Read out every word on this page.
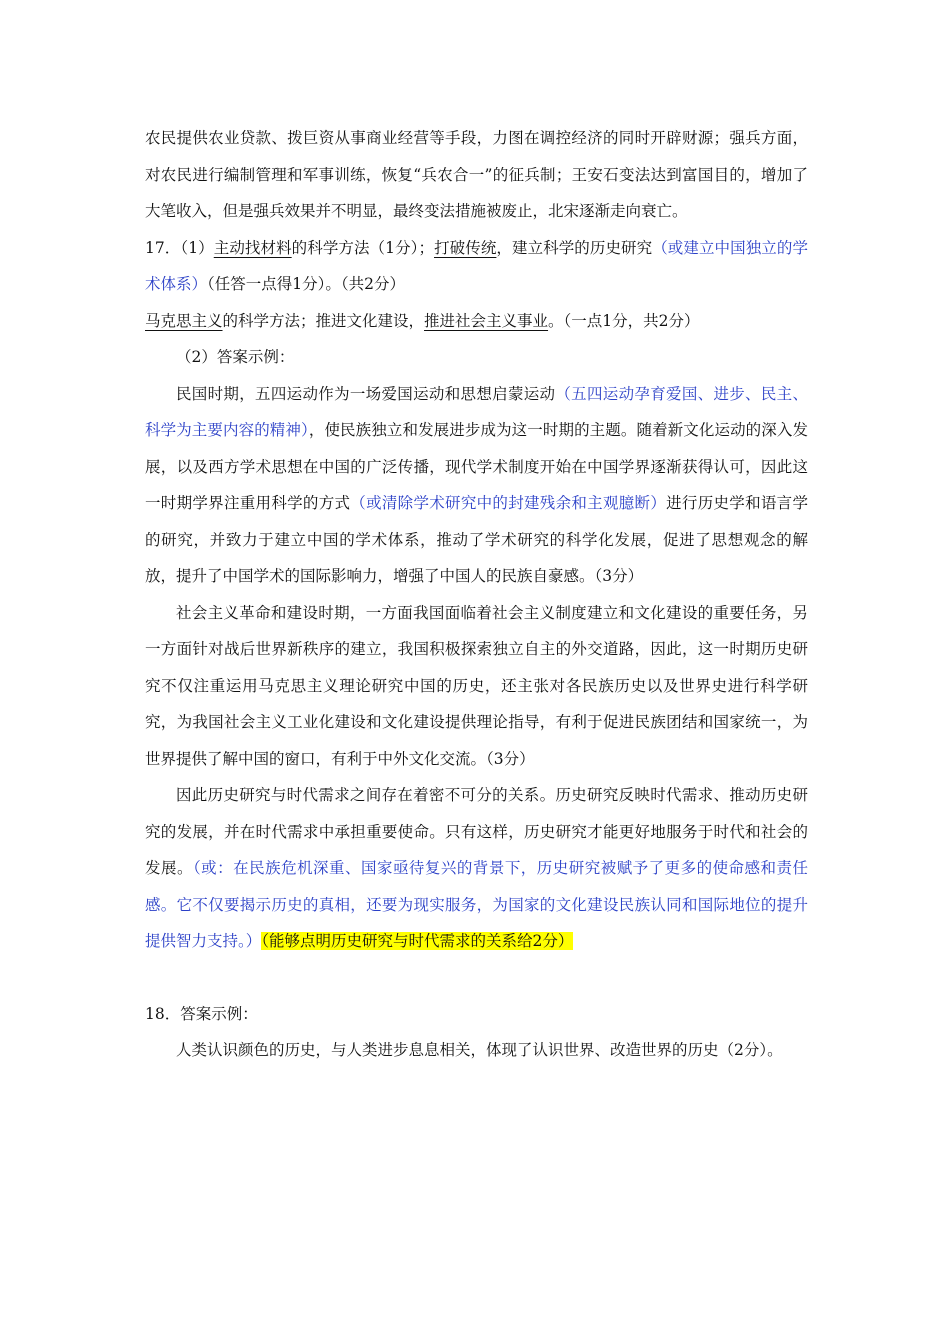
农民提供农业贷款、拨巨资从事商业经营等手段，力图在调控经济的同时开辟财源；强兵方面，对农民进行编制管理和军事训练，恢复“兵农合一”的征兵制；王安石变法达到富国目的，增加了大笔收入，但是强兵效果并不明显，最终变法措施被废止，北宋逐渐走向衰亡。

17．（1）主动找材料的科学方法（1分）；打破传统，建立科学的历史研究（或建立中国独立的学术体系）（任答一点得1分）。（共2分）

马克思主义的科学方法；推进文化建设，推进社会主义事业。（一点1分，共2分）

（2）答案示例：

民国时期，五四运动作为一场爱国运动和思想启蒙运动（五四运动孕育爱国、进步、民主、科学为主要内容的精神），使民族独立和发展进步成为这一时期的主题。随着新文化运动的深入发展，以及西方学术思想在中国的广泛传播，现代学术制度开始在中国学界逐渐获得认可，因此这一时期学界注重用科学的方式（或清除学术研究中的封建残余和主观臆断）进行历史学和语言学的研究，并致力于建立中国的学术体系，推动了学术研究的科学化发展，促进了思想观念的解放，提升了中国学术的国际影响力，增强了中国人的民族自豪感。（3分）

社会主义革命和建设时期，一方面我国面临着社会主义制度建立和文化建设的重要任务，另一方面针对战后世界新秩序的建立，我国积极探索独立自主的外交道路，因此，这一时期历史研究不仅注重运用马克思主义理论研究中国的历史，还主张对各民族历史以及世界史进行科学研究，为我国社会主义工业化建设和文化建设提供理论指导，有利于促进民族团结和国家统一，为世界提供了解中国的窗口，有利于中外文化交流。（3分）

因此历史研究与时代需求之间存在着密不可分的关系。历史研究反映时代需求、推动历史研究的发展，并在时代需求中承担重要使命。只有这样，历史研究才能更好地服务于时代和社会的发展。（或：在民族危机深重、国家亟待复兴的背景下，历史研究被赋予了更多的使命感和责任感。它不仅要揭示历史的真相，还要为现实服务，为国家的文化建设民族认同和国际地位的提升提供智力支持。）（能够点明历史研究与时代需求的关系给2分）

18．答案示例：

人类认识颜色的历史，与人类进步息息相关，体现了认识世界、改造世界的历史（2分）。
